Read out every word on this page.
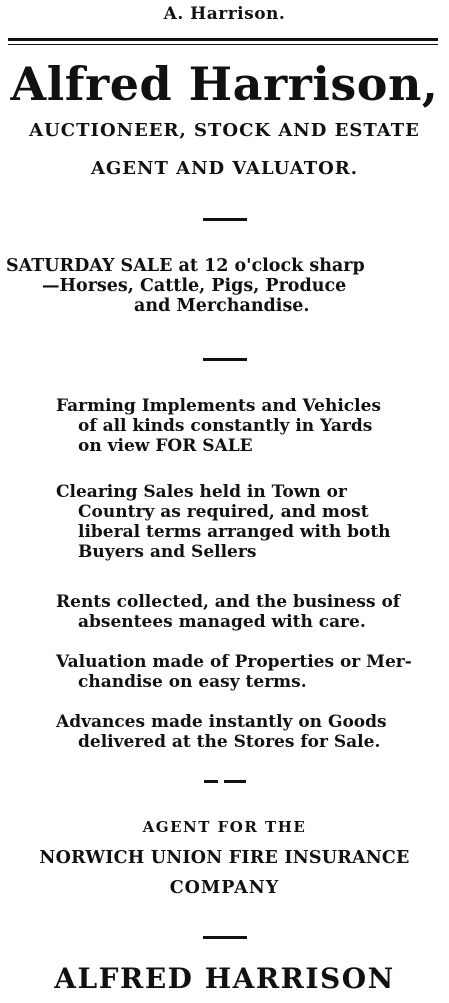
A. Harrison.
Alfred Harrison,
AUCTIONEER, STOCK AND ESTATE
AGENT AND VALUATOR.
SATURDAY SALE at 12 o'clock sharp
—Horses, Cattle, Pigs, Produce
and Merchandise.
Farming Implements and Vehicles
of all kinds constantly in Yards
on view FOR SALE
Clearing Sales held in Town or
Country as required, and most
liberal terms arranged with both
Buyers and Sellers
Rents collected, and the business of
absentees managed with care.
Valuation made of Properties or Mer-
chandise on easy terms.
Advances made instantly on Goods
delivered at the Stores for Sale.
AGENT FOR THE
NORWICH UNION FIRE INSURANCE
COMPANY
ALFRED HARRISON
